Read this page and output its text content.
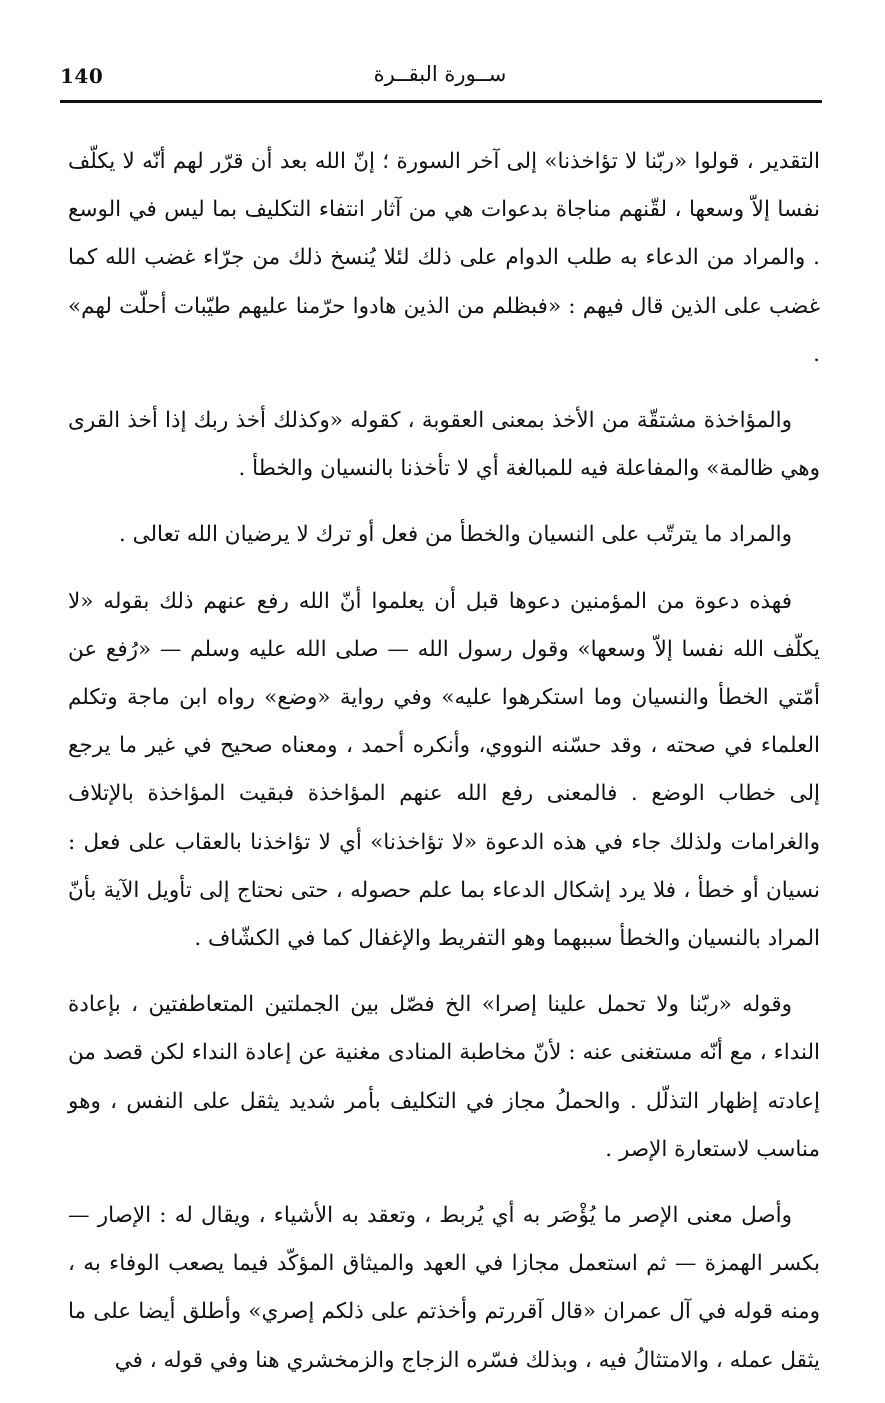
140	ســورة البقــرة

التقدير ، قولوا «ربّنا لا تؤاخذنا» إلى آخر السورة ؛ إنّ الله بعد أن قرّر لهم أنّه لا يكلّف نفسا إلاّ وسعها ، لقّنهم مناجاة بدعوات هي من آثار انتفاء التكليف بما ليس في الوسع . والمراد من الدعاء به طلب الدوام على ذلك لئلا يُنسخ ذلك من جرّاء غضب الله كما غضب على الذين قال فيهم : «فبظلم من الذين هادوا حرّمنا عليهم طيّبات أحلّت لهم» .

والمؤاخذة مشتقّة من الأخذ بمعنى العقوبة ، كقوله «وكذلك أخذ ربك إذا أخذ القرى وهي ظالمة» والمفاعلة فيه للمبالغة أي لا تأخذنا بالنسيان والخطأ .

والمراد ما يترتّب على النسيان والخطأ من فعل أو ترك لا يرضيان الله تعالى .

فهذه دعوة من المؤمنين دعوها قبل أن يعلموا أنّ الله رفع عنهم ذلك بقوله «لا يكلّف الله نفسا إلاّ وسعها» وقول رسول الله — صلى الله عليه وسلم — «رُفع عن أمّتي الخطأ والنسيان وما استكرهوا عليه» وفي رواية «وضع» رواه ابن ماجة وتكلم العلماء في صحته ، وقد حسّنه النووي، وأنكره أحمد ، ومعناه صحيح في غير ما يرجع إلى خطاب الوضع . فالمعنى رفع الله عنهم المؤاخذة فبقيت المؤاخذة بالإتلاف والغرامات ولذلك جاء في هذه الدعوة «لا تؤاخذنا» أي لا تؤاخذنا بالعقاب على فعل : نسيان أو خطأ ، فلا يرد إشكال الدعاء بما علم حصوله ، حتى نحتاج إلى تأويل الآية بأنّ المراد بالنسيان والخطأ سببهما وهو التفريط والإغفال كما في الكشّاف .

وقوله «ربّنا ولا تحمل علينا إصرا» الخ فصّل بين الجملتين المتعاطفتين ، بإعادة النداء ، مع أنّه مستغنى عنه : لأنّ مخاطبة المنادى مغنية عن إعادة النداء لكن قصد من إعادته إظهار التذلّل . والحملُ مجاز في التكليف بأمر شديد يثقل على النفس ، وهو مناسب لاستعارة الإصر .

وأصل معنى الإصر ما يُؤْصَر به أي يُربط ، وتعقد به الأشياء ، ويقال له : الإصار — بكسر الهمزة — ثم استعمل مجازا في العهد والميثاق المؤكّد فيما يصعب الوفاء به ، ومنه قوله في آل عمران «قال آقررتم وأخذتم على ذلكم إصري» وأطلق أيضا على ما يثقل عمله ، والامتثالُ فيه ، وبذلك فسّره الزجاج والزمخشري هنا وفي قوله ، في
